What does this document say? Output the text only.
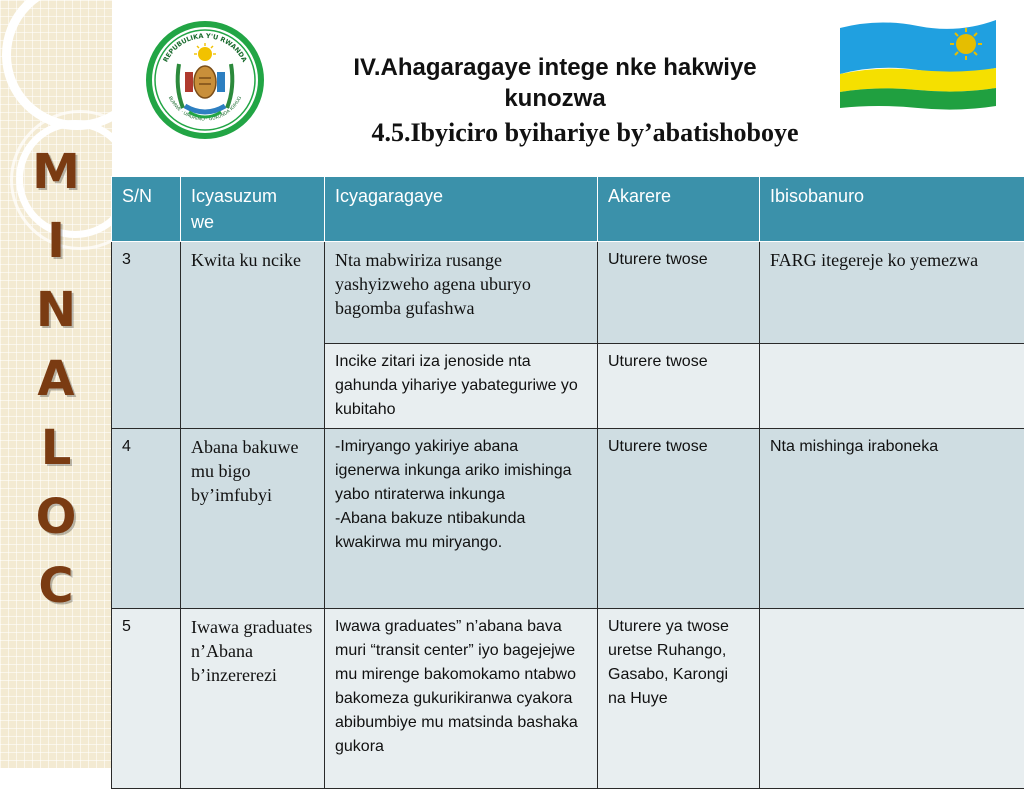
M
I
N
A
L
O
C
REPUBULIKA Y'U RWANDA
BUMWE · UMURIMO · GUKUNDA IGIHUG
IV.Ahagaragaye intege nke hakwiye
kunozwa
4.5.Ibyiciro byihariye by’abatishoboye
S/N	Icyasuzum
we	Icyagaragaye	Akarere	Ibisobanuro
3	Kwita ku ncike	Nta mabwiriza rusange yashyizweho agena uburyo bagomba gufashwa	Uturere twose	FARG itegereje ko yemezwa
		Incike zitari iza jenoside nta gahunda yihariye yabateguriwe yo kubitaho	Uturere twose	
4	Abana bakuwe mu bigo by’imfubyi	-Imiryango yakiriye abana igenerwa inkunga ariko imishinga yabo ntiraterwa inkunga
-Abana bakuze ntibakunda kwakirwa mu miryango.	Uturere twose	Nta mishinga iraboneka
5	Iwawa graduates n’Abana b’inzererezi	Iwawa graduates” n’abana bava muri “transit center” iyo bagejejwe mu mirenge bakomokamo ntabwo bakomeza gukurikiranwa cyakora abibumbiye mu matsinda bashaka gukora	Uturere ya twose uretse Ruhango, Gasabo, Karongi na Huye	
